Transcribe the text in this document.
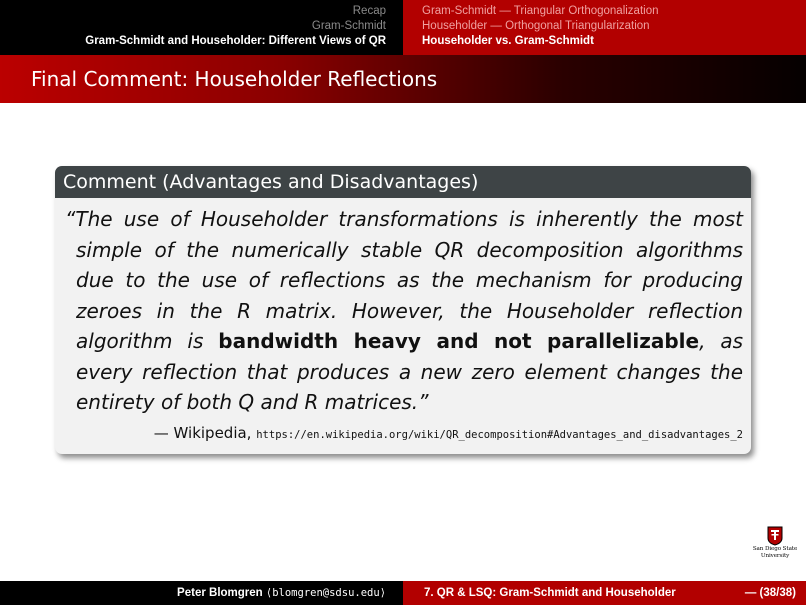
Recap
Gram-Schmidt
Gram-Schmidt and Householder: Different Views of QR
Gram-Schmidt — Triangular Orthogonalization
Householder — Orthogonal Triangularization
Householder vs. Gram-Schmidt
Final Comment: Householder Reflections
Comment (Advantages and Disadvantages)

“The use of Householder transformations is inherently the most simple of the numerically stable QR decomposition algorithms due to the use of reflections as the mechanism for producing zeroes in the R matrix. However, the Householder reflection algorithm is bandwidth heavy and not parallelizable, as every reflection that produces a new zero element changes the entirety of both Q and R matrices.”

— Wikipedia, https://en.wikipedia.org/wiki/QR_decomposition#Advantages_and_disadvantages_2
San Diego State
University
Peter Blomgren ⟨blomgren@sdsu.edu⟩	7. QR & LSQ: Gram-Schmidt and Householder	— (38/38)
